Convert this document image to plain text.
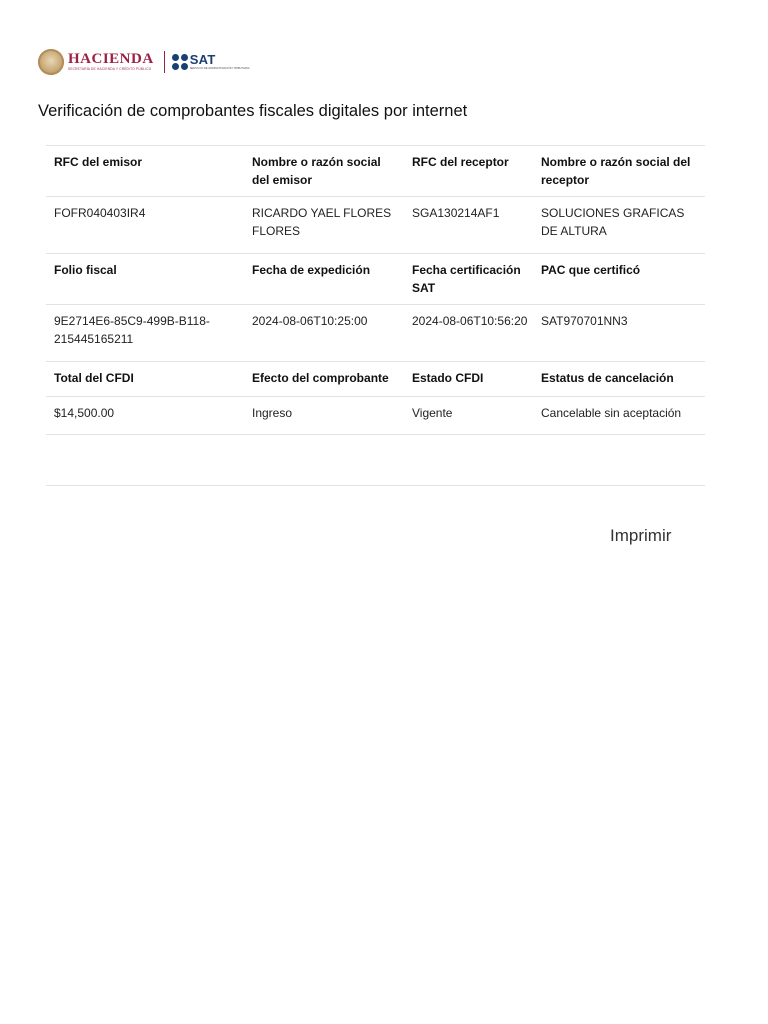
HACIENDA
SECRETARÍA DE HACIENDA Y CRÉDITO PÚBLICO
SAT
SERVICIO DE ADMINISTRACIÓN TRIBUTARIA
Verificación de comprobantes fiscales digitales por internet
RFC del emisor	Nombre o razón social del emisor	RFC del receptor	Nombre o razón social del receptor
FOFR040403IR4	RICARDO YAEL FLORES FLORES	SGA130214AF1	SOLUCIONES GRAFICAS DE ALTURA
Folio fiscal	Fecha de expedición	Fecha certificación SAT	PAC que certificó
9E2714E6-85C9-499B-B118-215445165211	2024-08-06T10:25:00	2024-08-06T10:56:20	SAT970701NN3
Total del CFDI	Efecto del comprobante	Estado CFDI	Estatus de cancelación
$14,500.00	Ingreso	Vigente	Cancelable sin aceptación
Imprimir
